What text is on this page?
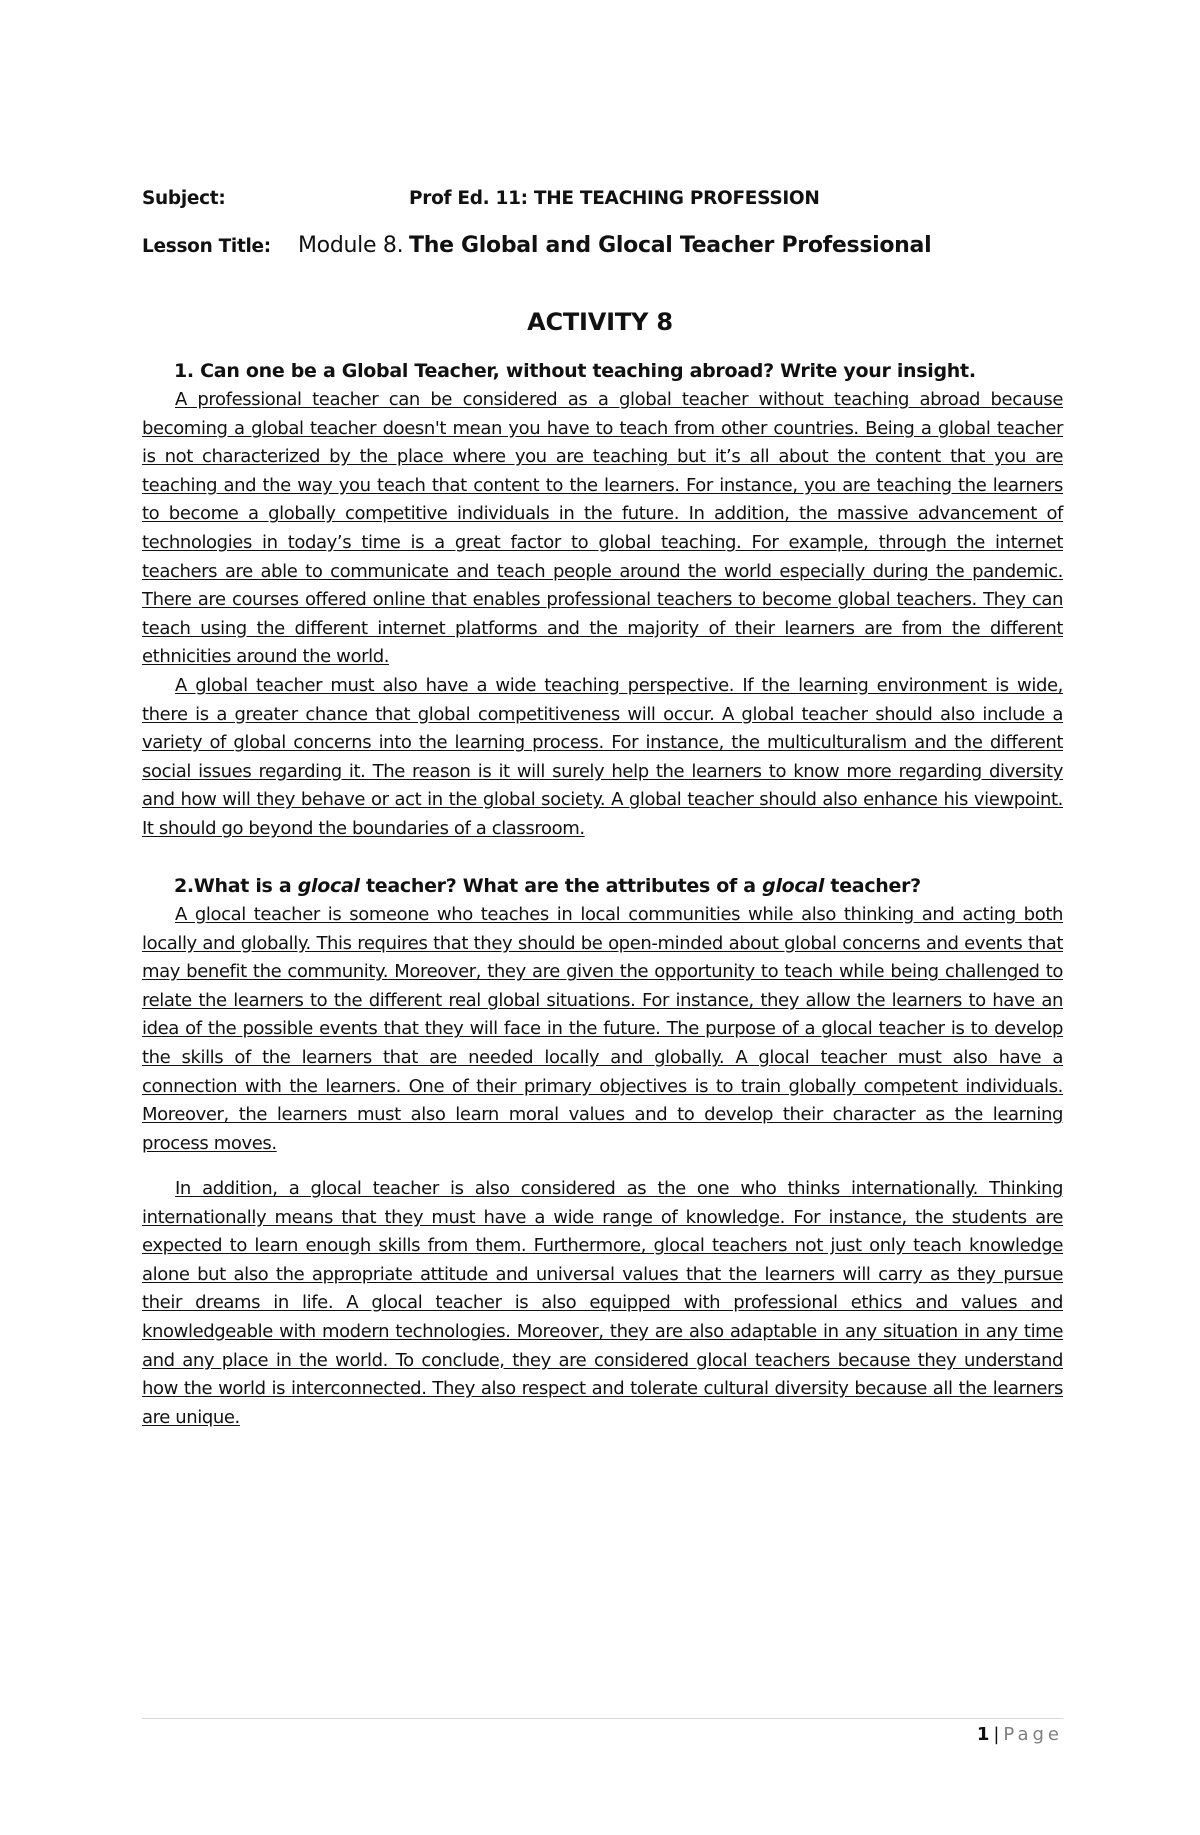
Subject:	Prof Ed. 11: THE TEACHING PROFESSION
Lesson Title: Module 8. The Global and Glocal Teacher Professional
ACTIVITY 8
1. Can one be a Global Teacher, without teaching abroad? Write your insight.
A professional teacher can be considered as a global teacher without teaching abroad because becoming a global teacher doesn't mean you have to teach from other countries. Being a global teacher is not characterized by the place where you are teaching but it’s all about the content that you are teaching and the way you teach that content to the learners. For instance, you are teaching the learners to become a globally competitive individuals in the future. In addition, the massive advancement of technologies in today’s time is a great factor to global teaching. For example, through the internet teachers are able to communicate and teach people around the world especially during the pandemic. There are courses offered online that enables professional teachers to become global teachers. They can teach using the different internet platforms and the majority of their learners are from the different ethnicities around the world.
A global teacher must also have a wide teaching perspective. If the learning environment is wide, there is a greater chance that global competitiveness will occur. A global teacher should also include a variety of global concerns into the learning process. For instance, the multiculturalism and the different social issues regarding it. The reason is it will surely help the learners to know more regarding diversity and how will they behave or act in the global society. A global teacher should also enhance his viewpoint. It should go beyond the boundaries of a classroom.
2.What is a glocal teacher? What are the attributes of a glocal teacher?
A glocal teacher is someone who teaches in local communities while also thinking and acting both locally and globally. This requires that they should be open-minded about global concerns and events that may benefit the community. Moreover, they are given the opportunity to teach while being challenged to relate the learners to the different real global situations. For instance, they allow the learners to have an idea of the possible events that they will face in the future. The purpose of a glocal teacher is to develop the skills of the learners that are needed locally and globally. A glocal teacher must also have a connection with the learners. One of their primary objectives is to train globally competent individuals. Moreover, the learners must also learn moral values and to develop their character as the learning process moves.
In addition, a glocal teacher is also considered as the one who thinks internationally. Thinking internationally means that they must have a wide range of knowledge. For instance, the students are expected to learn enough skills from them. Furthermore, glocal teachers not just only teach knowledge alone but also the appropriate attitude and universal values that the learners will carry as they pursue their dreams in life. A glocal teacher is also equipped with professional ethics and values and knowledgeable with modern technologies. Moreover, they are also adaptable in any situation in any time and any place in the world. To conclude, they are considered glocal teachers because they understand how the world is interconnected. They also respect and tolerate cultural diversity because all the learners are unique.
1 | Page
